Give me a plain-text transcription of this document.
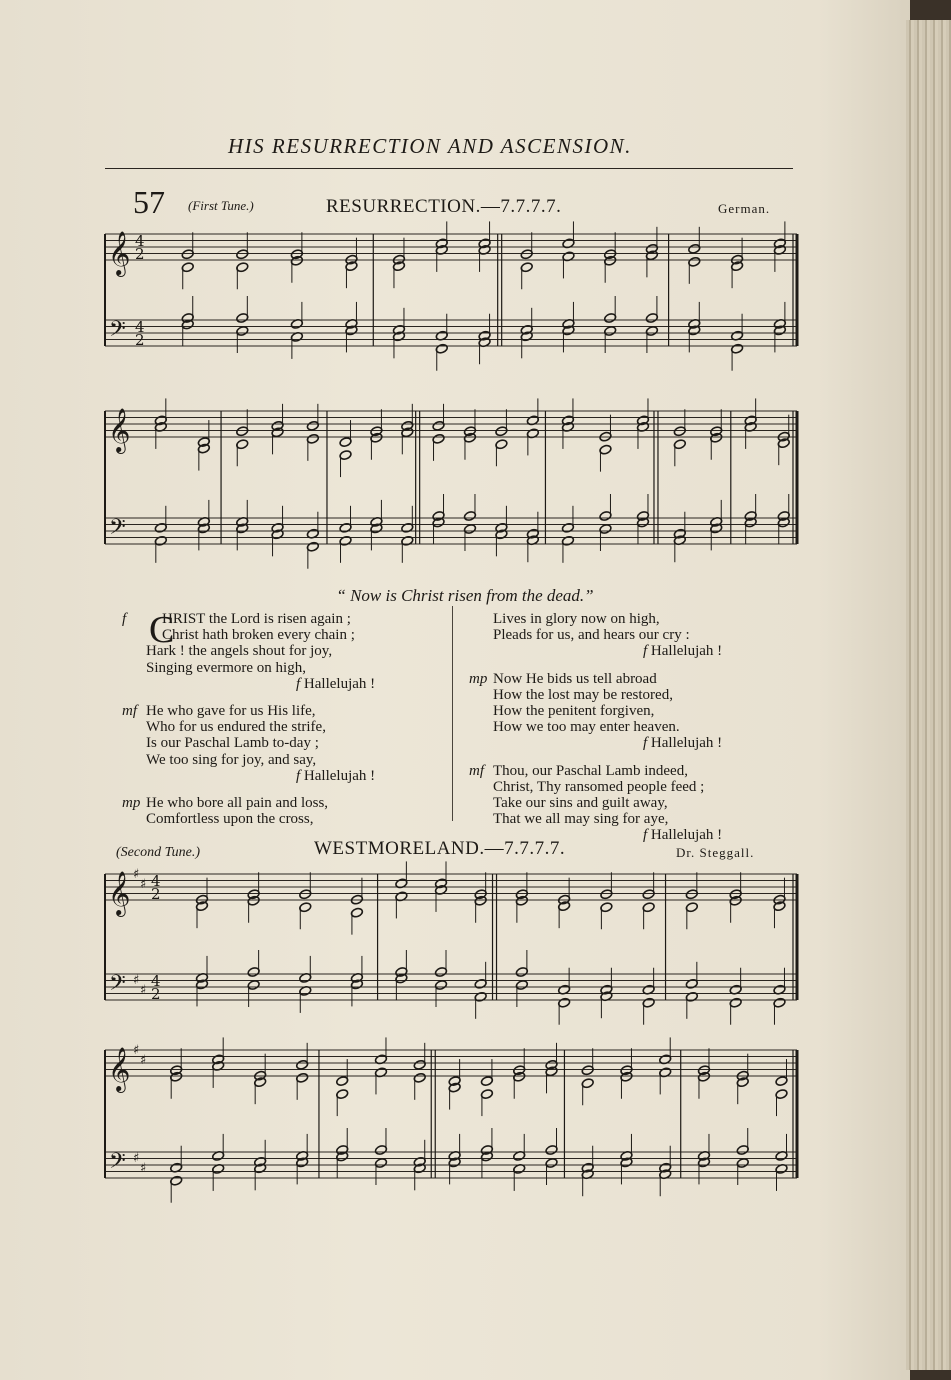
HIS RESURRECTION AND ASCENSION.
57 (First Tune.)	RESURRECTION.—7.7.7.7.	German.
𝄞
𝄢
4
2
4
2
𝄞
𝄢
𝄞
𝄢
♯
♯
♯
♯
4
2
4
2
𝄞
𝄢
♯
♯
♯
♯
“ Now is Christ risen from the dead.”
C
f HRIST the Lord is risen again ;
Christ hath broken every chain ;
Hark ! the angels shout for joy,
Singing evermore on high,
f Hallelujah !
mf He who gave for us His life,
Who for us endured the strife,
Is our Paschal Lamb to-day ;
We too sing for joy, and say,
f Hallelujah !
mp He who bore all pain and loss,
Comfortless upon the cross,
Lives in glory now on high,
Pleads for us, and hears our cry :
f Hallelujah !
mp Now He bids us tell abroad
How the lost may be restored,
How the penitent forgiven,
How we too may enter heaven.
f Hallelujah !
mf Thou, our Paschal Lamb indeed,
Christ, Thy ransomed people feed ;
Take our sins and guilt away,
That we all may sing for aye,
f Hallelujah !
(Second Tune.)	WESTMORELAND.—7.7.7.7.	Dr. Steggall.
